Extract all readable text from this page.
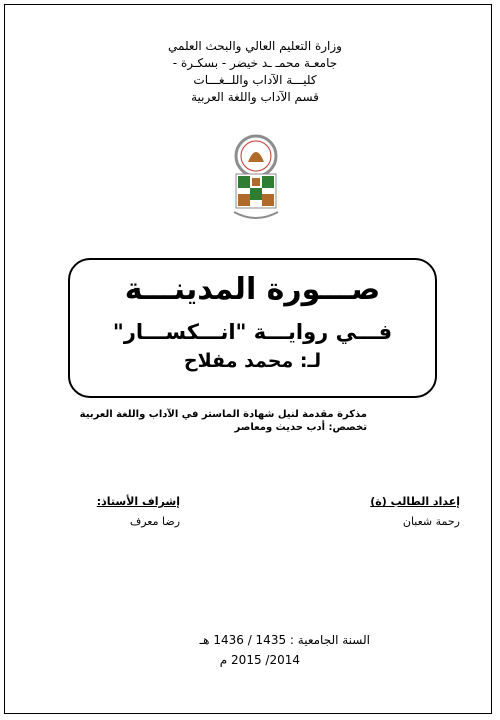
وزارة التعليم العالي والبحث العلمي
جامعـة محمـ ـد خيضر - بسكـرة -
كليـــة الآداب واللــغـــات
قسم الآداب واللغة العربية
صـــورة المدينـــة
فـــي روايـــة "انـــكســـار"
لـ: محمد مفلاح
مذكرة مقدمة لنيل شهادة الماستر في الآداب واللغة العربية
تخصص: أدب حديث ومعاصر
إعداد الطالب (ة)
رحمة شعبان
إشراف الأستاذ:
رضا معرف
السنة الجامعية : 1435 / 1436 هـ
2014/ 2015 م
